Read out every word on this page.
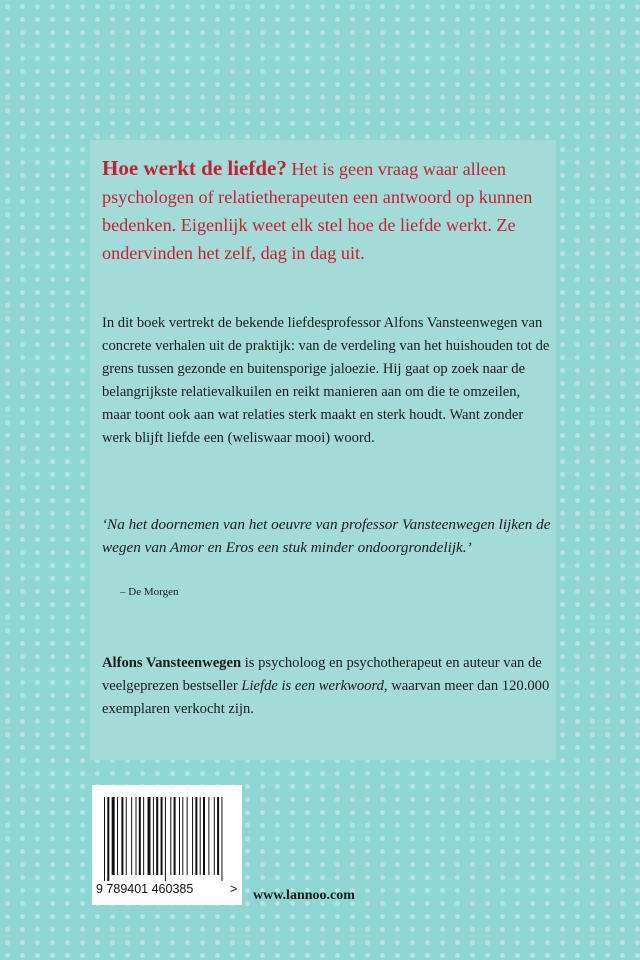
Hoe werkt de liefde? Het is geen vraag waar alleen psychologen of relatietherapeuten een antwoord op kunnen bedenken. Eigenlijk weet elk stel hoe de liefde werkt. Ze ondervinden het zelf, dag in dag uit.

In dit boek vertrekt de bekende liefdesprofessor Alfons Vansteenwegen van concrete verhalen uit de praktijk: van de verdeling van het huishouden tot de grens tussen gezonde en buitensporige jaloezie. Hij gaat op zoek naar de belangrijkste relatievalkuilen en reikt manieren aan om die te omzeilen, maar toont ook aan wat relaties sterk maakt en sterk houdt. Want zonder werk blijft liefde een (weliswaar mooi) woord.

‘Na het doornemen van het oeuvre van professor Vansteenwegen lijken de wegen van Amor en Eros een stuk minder ondoorgrondelijk.’

– De Morgen

Alfons Vansteenwegen is psycholoog en psychotherapeut en auteur van de veelgeprezen bestseller Liefde is een werkwoord, waarvan meer dan 120.000 exemplaren verkocht zijn.

9 789401 460385	> www.lannoo.com
